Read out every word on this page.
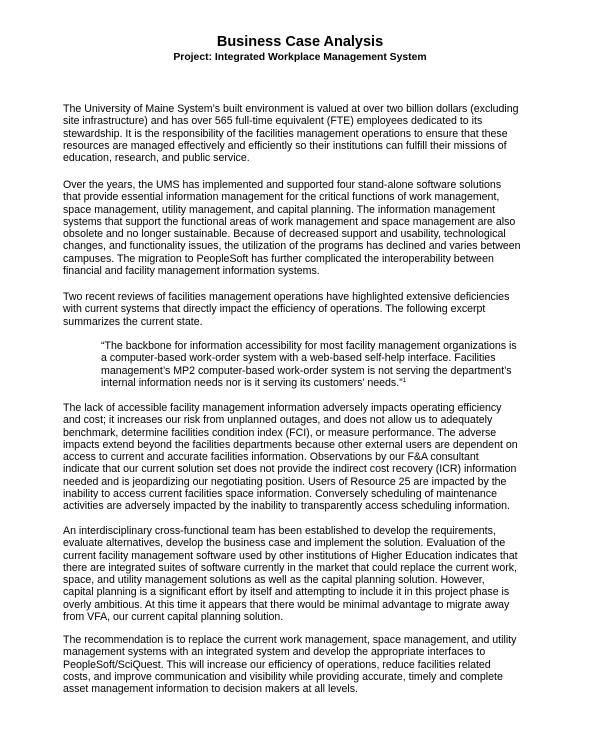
Business Case Analysis
Project: Integrated Workplace Management System

The University of Maine System’s built environment is valued at over two billion dollars (excluding
site infrastructure) and has over 565 full-time equivalent (FTE) employees dedicated to its
stewardship. It is the responsibility of the facilities management operations to ensure that these
resources are managed effectively and efficiently so their institutions can fulfill their missions of
education, research, and public service.

Over the years, the UMS has implemented and supported four stand-alone software solutions
that provide essential information management for the critical functions of work management,
space management, utility management, and capital planning. The information management
systems that support the functional areas of work management and space management are also
obsolete and no longer sustainable. Because of decreased support and usability, technological
changes, and functionality issues, the utilization of the programs has declined and varies between
campuses. The migration to PeopleSoft has further complicated the interoperability between
financial and facility management information systems.

Two recent reviews of facilities management operations have highlighted extensive deficiencies
with current systems that directly impact the efficiency of operations. The following excerpt
summarizes the current state.

“The backbone for information accessibility for most facility management organizations is
a computer-based work-order system with a web-based self-help interface. Facilities
management’s MP2 computer-based work-order system is not serving the department’s
internal information needs nor is it serving its customers’ needs.”$^1$

The lack of accessible facility management information adversely impacts operating efficiency
and cost; it increases our risk from unplanned outages, and does not allow us to adequately
benchmark, determine facilities condition index (FCI), or measure performance. The adverse
impacts extend beyond the facilities departments because other external users are dependent on
access to current and accurate facilities information. Observations by our F&A consultant
indicate that our current solution set does not provide the indirect cost recovery (ICR) information
needed and is jeopardizing our negotiating position. Users of Resource 25 are impacted by the
inability to access current facilities space information. Conversely scheduling of maintenance
activities are adversely impacted by the inability to transparently access scheduling information.

An interdisciplinary cross-functional team has been established to develop the requirements,
evaluate alternatives, develop the business case and implement the solution. Evaluation of the
current facility management software used by other institutions of Higher Education indicates that
there are integrated suites of software currently in the market that could replace the current work,
space, and utility management solutions as well as the capital planning solution. However,
capital planning is a significant effort by itself and attempting to include it in this project phase is
overly ambitious. At this time it appears that there would be minimal advantage to migrate away
from VFA, our current capital planning solution.

The recommendation is to replace the current work management, space management, and utility
management systems with an integrated system and develop the appropriate interfaces to
PeopleSoft/SciQuest. This will increase our efficiency of operations, reduce facilities related
costs, and improve communication and visibility while providing accurate, timely and complete
asset management information to decision makers at all levels.
